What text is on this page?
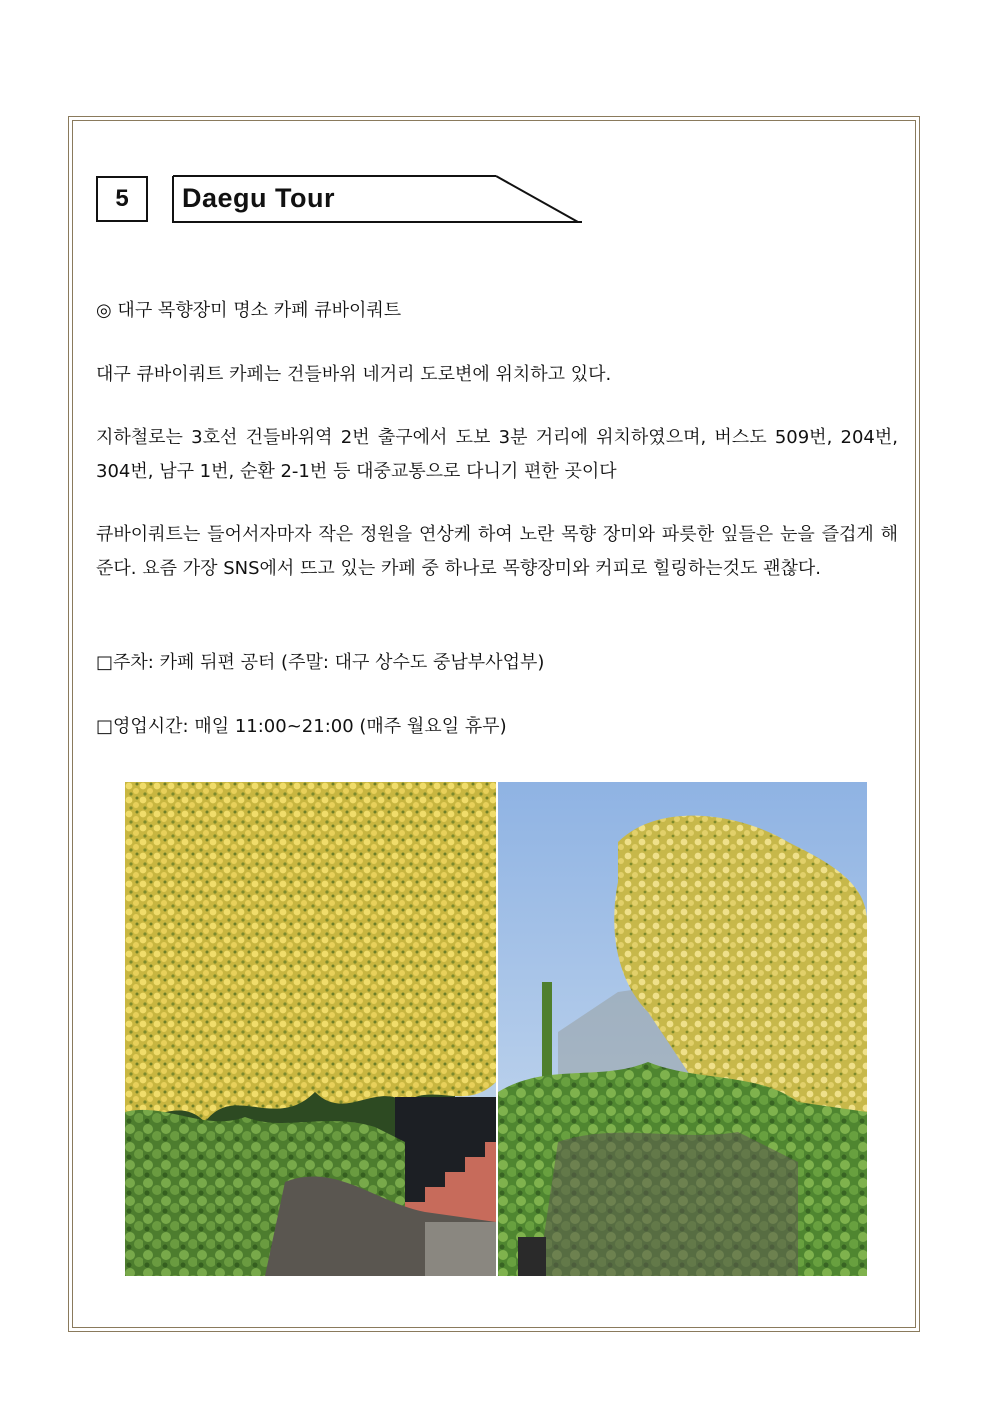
5 Daegu Tour

◎ 대구 목향장미 명소 카페 큐바이쿼트

대구 큐바이쿼트 카페는 건들바위 네거리 도로변에 위치하고 있다.

지하철로는 3호선 건들바위역 2번 출구에서 도보 3분 거리에 위치하였으며, 버스도 509번, 204번, 304번, 남구 1번, 순환 2-1번 등 대중교통으로 다니기 편한 곳이다

큐바이쿼트는 들어서자마자 작은 정원을 연상케 하여 노란 목향 장미와 파릇한 잎들은 눈을 즐겁게 해준다. 요즘 가장 SNS에서 뜨고 있는 카페 중 하나로 목향장미와 커피로 힐링하는것도 괜찮다.

□주차: 카페 뒤편 공터 (주말: 대구 상수도 중남부사업부)

□영업시간: 매일 11:00~21:00 (매주 월요일 휴무)
